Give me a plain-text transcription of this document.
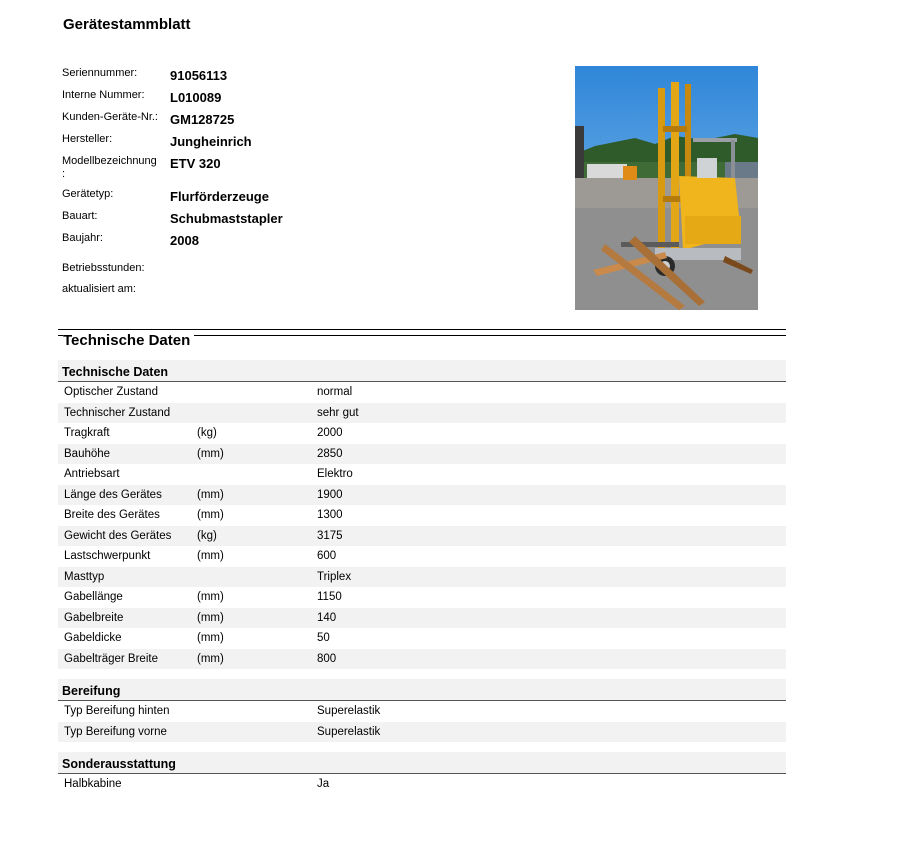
Gerätestammblatt
Seriennummer:	91056113
Interne Nummer:	L010089
Kunden-Geräte-Nr.: GM128725
Hersteller:	Jungheinrich
Modellbezeichnung :
ETV 320
Gerätetyp:	Flurförderzeuge
Bauart:	Schubmaststapler
Baujahr:	2008
Betriebsstunden:
aktualisiert am:
Technische Daten
Technische Daten
Optischer Zustand	normal
Technischer Zustand	sehr gut
Tragkraft	(kg)	2000
Bauhöhe	(mm)	2850
Antriebsart	Elektro
Länge des Gerätes	(mm)	1900
Breite des Gerätes	(mm)	1300
Gewicht des Gerätes (kg)	3175
Lastschwerpunkt	(mm)	600
Masttyp	Triplex
Gabellänge	(mm)	1150
Gabelbreite	(mm)	140
Gabeldicke	(mm)	50
Gabelträger Breite	(mm)	800
Bereifung
Typ Bereifung hinten	Superelastik
Typ Bereifung vorne	Superelastik
Sonderausstattung
Halbkabine	Ja
